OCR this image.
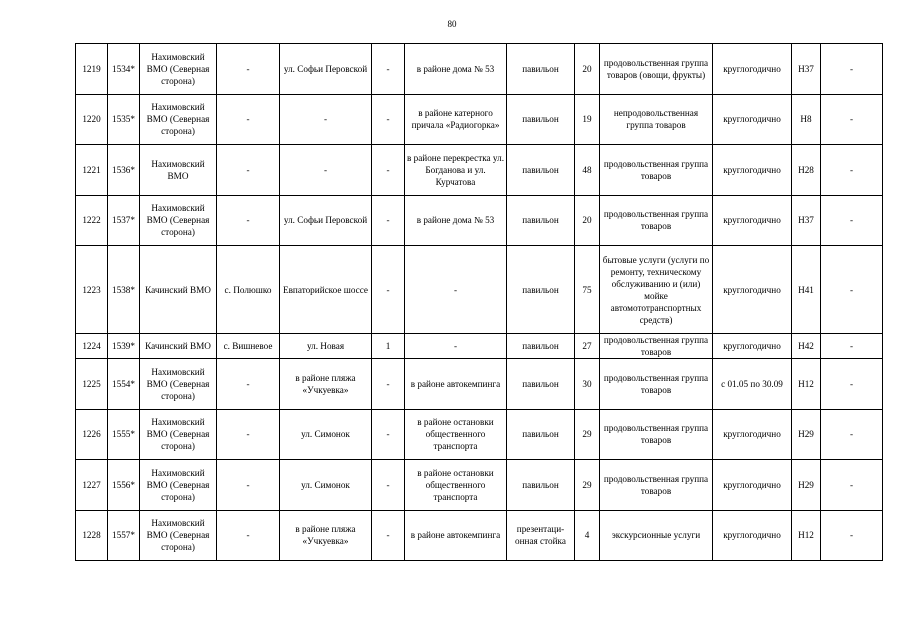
80
1219	1534*	Нахимовский ВМО (Северная сторона)	-	ул. Софьи Перовской	-	в районе дома № 53	павильон	20	продовольственная группа товаров (овощи, фрукты)	круглогодично	Н37	-
1220	1535*	Нахимовский ВМО (Северная сторона)	-	-	-	в районе катерного причала «Радиогорка»	павильон	19	непродовольственная группа товаров	круглогодично	Н8	-
1221	1536*	Нахимовский ВМО	-	-	-	в районе перекрестка ул. Богданова и ул. Курчатова	павильон	48	продовольственная группа товаров	круглогодично	Н28	-
1222	1537*	Нахимовский ВМО (Северная сторона)	-	ул. Софьи Перовской	-	в районе дома № 53	павильон	20	продовольственная группа товаров	круглогодично	Н37	-
1223	1538*	Качинский ВМО	с. Полюшко	Евпаторийское шоссе	-	-	павильон	75	бытовые услуги (услуги по ремонту, техническому обслуживанию и (или) мойке автомототранспортных средств)	круглогодично	Н41	-
1224	1539*	Качинский ВМО	с. Вишневое	ул. Новая	1	-	павильон	27	продовольственная группа товаров	круглогодично	Н42	-
1225	1554*	Нахимовский ВМО (Северная сторона)	-	в районе пляжа «Учкуевка»	-	в районе автокемпинга	павильон	30	продовольственная группа товаров	с 01.05 по 30.09	Н12	-
1226	1555*	Нахимовский ВМО (Северная сторона)	-	ул. Симонок	-	в районе остановки общественного транспорта	павильон	29	продовольственная группа товаров	круглогодично	Н29	-
1227	1556*	Нахимовский ВМО (Северная сторона)	-	ул. Симонок	-	в районе остановки общественного транспорта	павильон	29	продовольственная группа товаров	круглогодично	Н29	-
1228	1557*	Нахимовский ВМО (Северная сторона)	-	в районе пляжа «Учкуевка»	-	в районе автокемпинга	презентаци-онная стойка	4	экскурсионные услуги	круглогодично	Н12	-
